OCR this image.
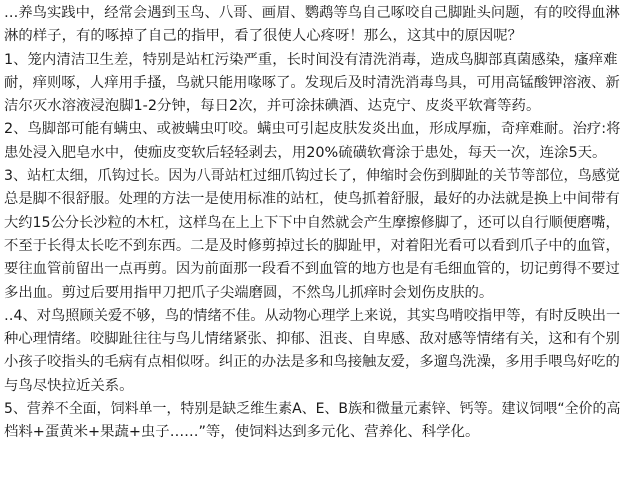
…养鸟实践中，经常会遇到玉鸟、八哥、画眉、鹦鹉等鸟自己啄咬自己脚趾头问题，有的咬得血淋
淋的样子，有的啄掉了自己的指甲，看了很使人心疼呀！那么，这其中的原因呢？
1、笼内清洁卫生差，特别是站杠污染严重，长时间没有清洗消毒，造成鸟脚部真菌感染，瘙痒难
耐，痒则啄，人痒用手搔，鸟就只能用喙啄了。发现后及时清洗消毒鸟具，可用高锰酸钾溶液、新
洁尔灭水溶液浸泡脚1-2分钟，每日2次，并可涂抹碘酒、达克宁、皮炎平软膏等药。
2、鸟脚部可能有螨虫、或被螨虫叮咬。螨虫可引起皮肤发炎出血，形成厚痂，奇痒难耐。治疗:将
患处浸入肥皂水中，使痂皮变软后轻轻剥去，用20%硫磺软膏涂于患处，每天一次，连涂5天。
3、站杠太细，爪钩过长。因为八哥站杠过细爪钩过长了，伸缩时会伤到脚趾的关节等部位，鸟感觉
总是脚不很舒服。处理的方法一是使用标准的站杠，使鸟抓着舒服，最好的办法就是换上中间带有
大约15公分长沙粒的木杠，这样鸟在上上下下中自然就会产生摩擦修脚了，还可以自行顺便磨嘴，
不至于长得太长吃不到东西。二是及时修剪掉过长的脚趾甲，对着阳光看可以看到爪子中的血管，
要往血管前留出一点再剪。因为前面那一段看不到血管的地方也是有毛细血管的，切记剪得不要过
多出血。剪过后要用指甲刀把爪子尖端磨圆，不然鸟儿抓痒时会划伤皮肤的。
‥4、对鸟照顾关爱不够，鸟的情绪不佳。从动物心理学上来说，其实鸟啃咬指甲等，有时反映出一
种心理情绪。咬脚趾往往与鸟儿情绪紧张、抑郁、沮丧、自卑感、敌对感等情绪有关，这和有个别
小孩子咬指头的毛病有点相似呀。纠正的办法是多和鸟接触友爱，多遛鸟洗澡，多用手喂鸟好吃的
与鸟尽快拉近关系。
5、营养不全面，饲料单一，特别是缺乏维生素A、E、B族和微量元素锌、钙等。建议饲喂“全价的高
档料+蛋黄米+果蔬+虫子……”等，使饲料达到多元化、营养化、科学化。
